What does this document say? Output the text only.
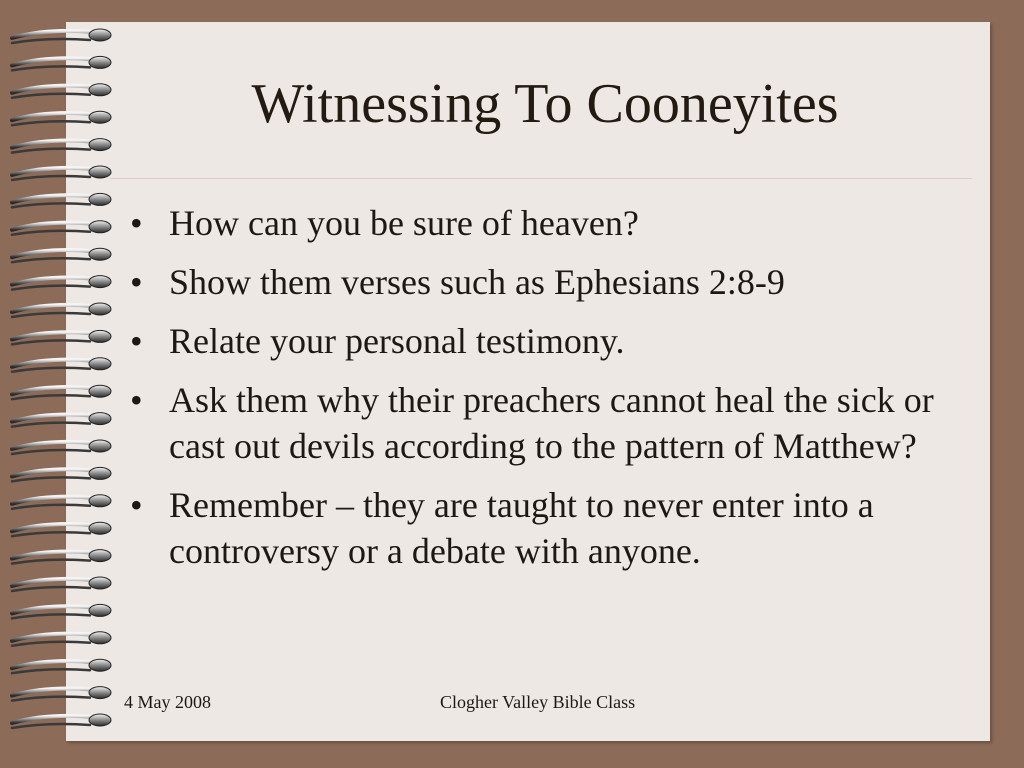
Witnessing To Cooneyites
• How can you be sure of heaven?
• Show them verses such as Ephesians 2:8-9
• Relate your personal testimony.
• Ask them why their preachers cannot heal the sick or cast out devils according to the pattern of Matthew?
• Remember – they are taught to never enter into a controversy or a debate with anyone.
4 May 2008	Clogher Valley Bible Class
